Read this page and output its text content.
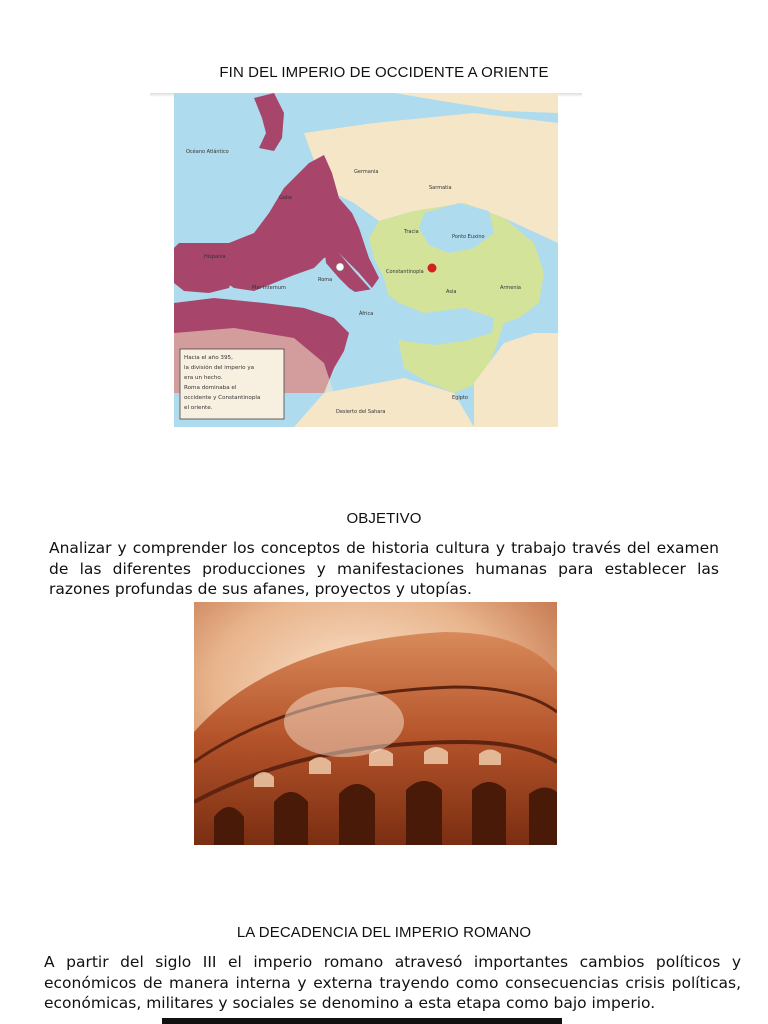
FIN DEL IMPERIO DE OCCIDENTE A ORIENTE
Océano Atlántico
Germania
Sarmatia
Galia
Ponto Euxino
Hispania
Tracia
Roma
Constantinopla
Mar Internum
Asia
Armenia
África
Egipto
Desierto del Sahara
Hacia el año 395,
la división del imperio ya
era un hecho.
Roma dominaba el
occidente y Constantinopla
el oriente.
OBJETIVO
Analizar y comprender los conceptos de historia cultura y trabajo través del examen de las diferentes producciones y manifestaciones humanas para establecer las razones profundas de sus afanes, proyectos y utopías.
LA DECADENCIA DEL IMPERIO ROMANO
A partir del siglo III el imperio romano atravesó importantes cambios políticos y económicos de manera interna y externa trayendo como consecuencias crisis políticas, económicas, militares y sociales se denomino a esta etapa como bajo imperio.
